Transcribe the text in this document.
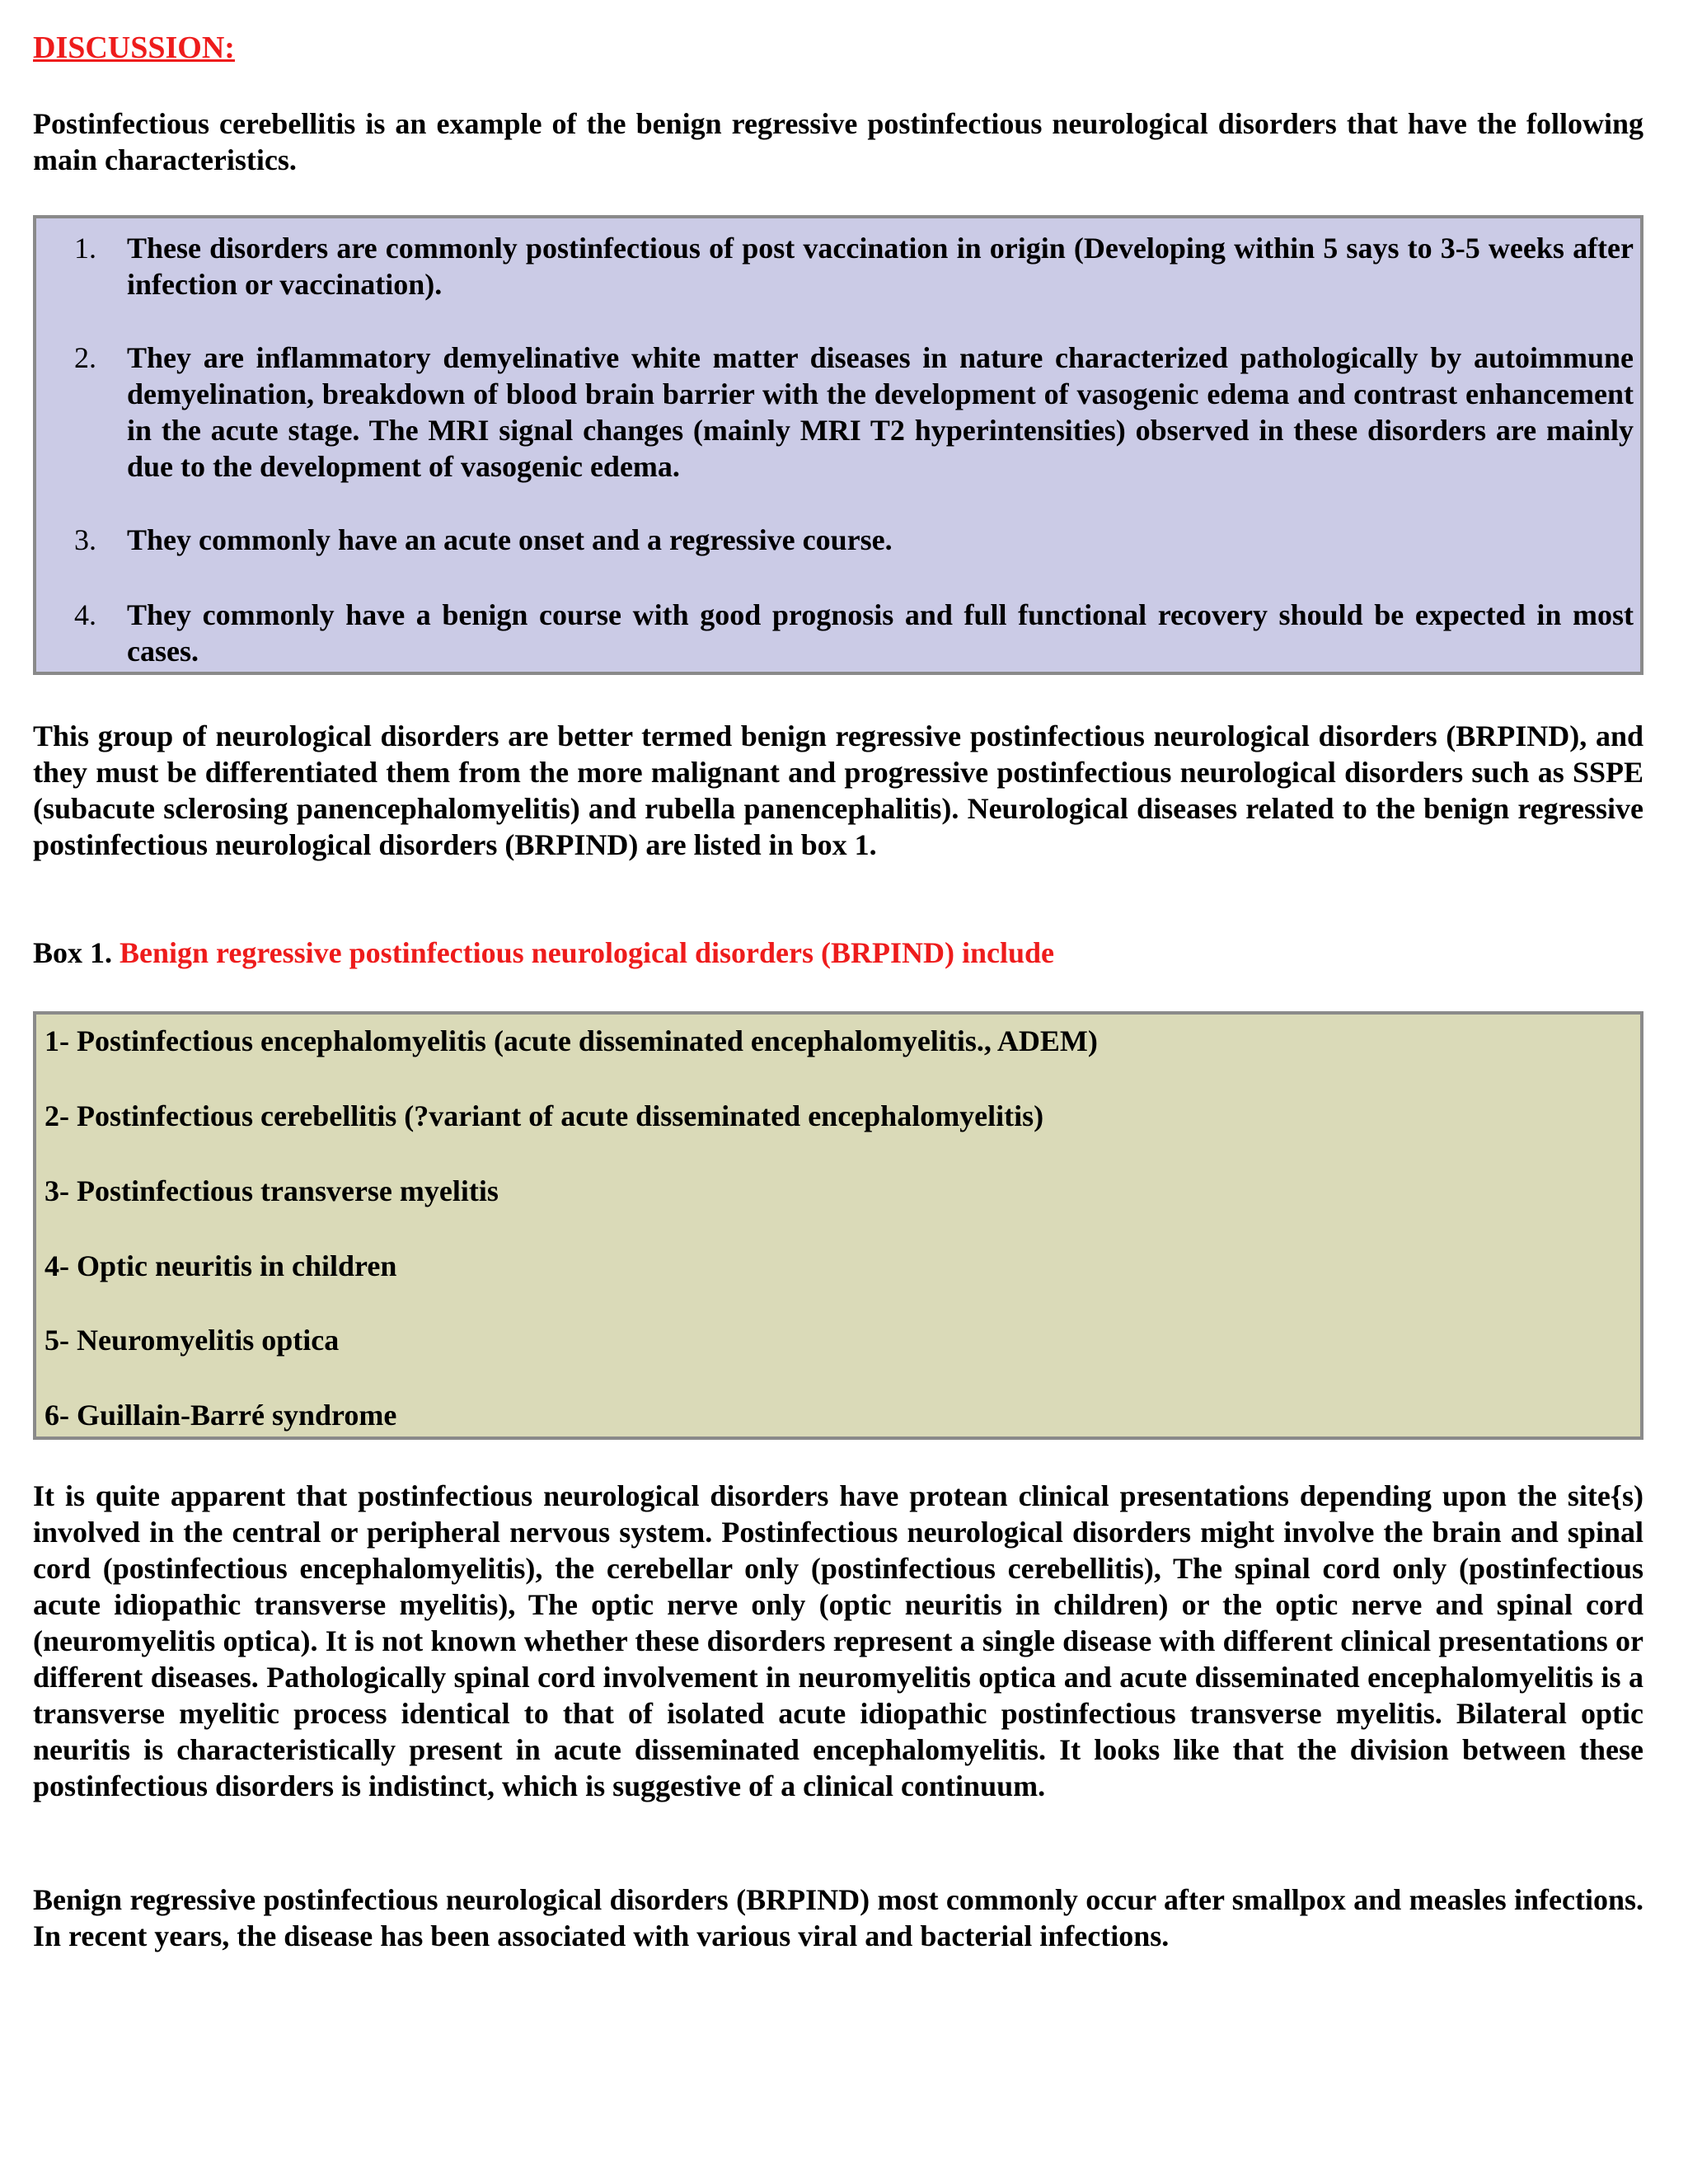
DISCUSSION:

Postinfectious cerebellitis is an example of the benign regressive postinfectious neurological disorders that have the following main characteristics.

1. These disorders are commonly postinfectious of post vaccination in origin (Developing within 5 says to 3-5 weeks after infection or vaccination).
2. They are inflammatory demyelinative white matter diseases in nature characterized pathologically by autoimmune demyelination, breakdown of blood brain barrier with the development of vasogenic edema and contrast enhancement in the acute stage. The MRI signal changes (mainly MRI T2 hyperintensities) observed in these disorders are mainly due to the development of vasogenic edema.
3. They commonly have an acute onset and a regressive course.
4. They commonly have a benign course with good prognosis and full functional recovery should be expected in most cases.

This group of neurological disorders are better termed benign regressive postinfectious neurological disorders (BRPIND), and they must be differentiated them from the more malignant and progressive postinfectious neurological disorders such as SSPE (subacute sclerosing panencephalomyelitis) and rubella panencephalitis). Neurological diseases related to the benign regressive postinfectious neurological disorders (BRPIND) are listed in box 1.

Box 1. Benign regressive postinfectious neurological disorders (BRPIND) include
1- Postinfectious encephalomyelitis (acute disseminated encephalomyelitis., ADEM)
2- Postinfectious cerebellitis (?variant of acute disseminated encephalomyelitis)
3- Postinfectious transverse myelitis
4- Optic neuritis in children
5- Neuromyelitis optica
6- Guillain-Barré syndrome

It is quite apparent that postinfectious neurological disorders have protean clinical presentations depending upon the site{s) involved in the central or peripheral nervous system. Postinfectious neurological disorders might involve the brain and spinal cord (postinfectious encephalomyelitis), the cerebellar only (postinfectious cerebellitis), The spinal cord only (postinfectious acute idiopathic transverse myelitis), The optic nerve only (optic neuritis in children) or the optic nerve and spinal cord (neuromyelitis optica). It is not known whether these disorders represent a single disease with different clinical presentations or different diseases. Pathologically spinal cord involvement in neuromyelitis optica and acute disseminated encephalomyelitis is a transverse myelitic process identical to that of isolated acute idiopathic postinfectious transverse myelitis. Bilateral optic neuritis is characteristically present in acute disseminated encephalomyelitis. It looks like that the division between these postinfectious disorders is indistinct, which is suggestive of a clinical continuum.

Benign regressive postinfectious neurological disorders (BRPIND) most commonly occur after smallpox and measles infections. In recent years, the disease has been associated with various viral and bacterial infections.
